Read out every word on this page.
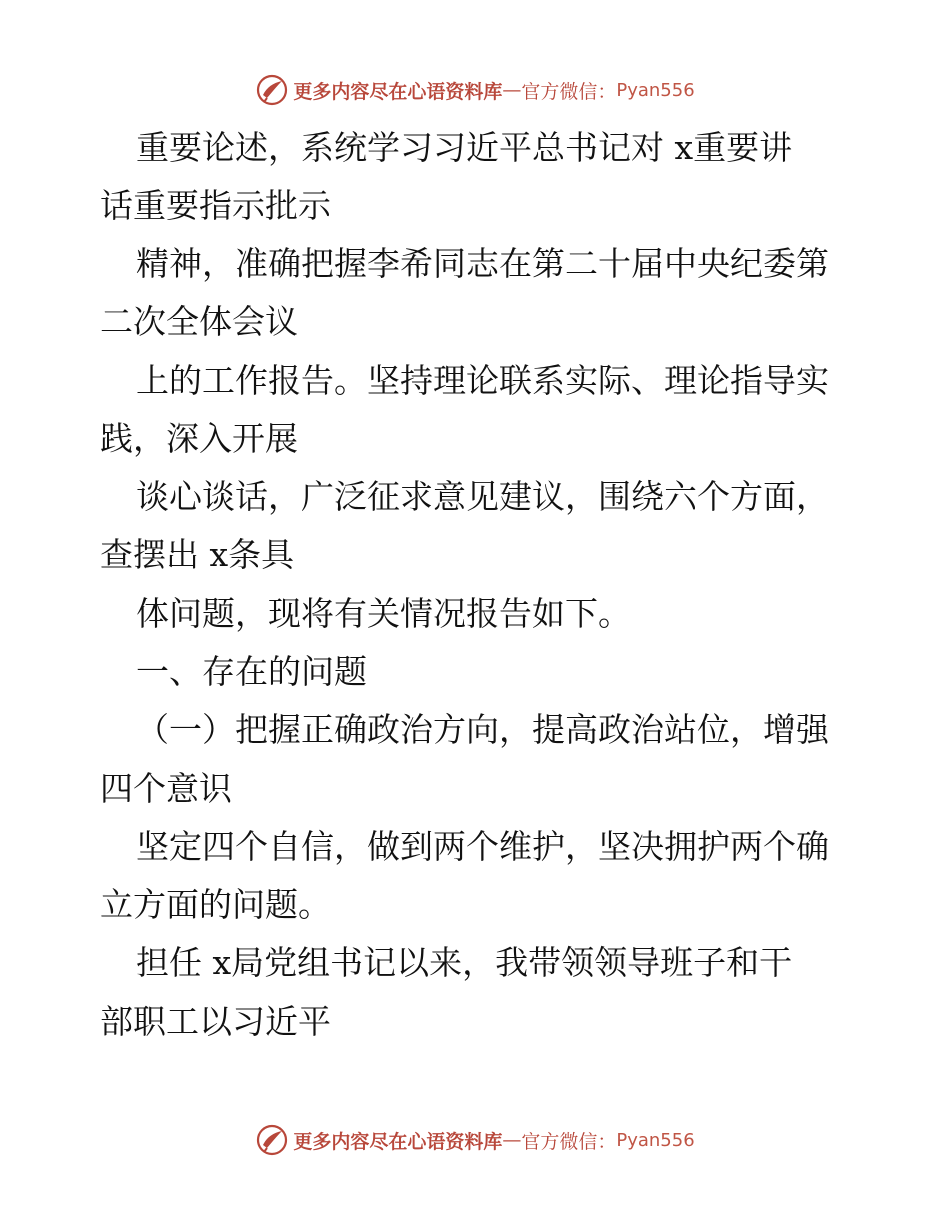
更多内容尽在心语资料库 — 官方微信： Pyan556
重要论述，系统学习习近平总书记对 x重要讲
话重要指示批示
精神，准确把握李希同志在第二十届中央纪委第
二次全体会议
上的工作报告。坚持理论联系实际、理论指导实
践，深入开展
谈心谈话，广泛征求意见建议，围绕六个方面，
查摆出 x条具
体问题，现将有关情况报告如下。
一、存在的问题
（一）把握正确政治方向，提高政治站位，增强
四个意识
坚定四个自信，做到两个维护，坚决拥护两个确
立方面的问题。
担任 x局党组书记以来，我带领领导班子和干
部职工以习近平
更多内容尽在心语资料库 — 官方微信： Pyan556
